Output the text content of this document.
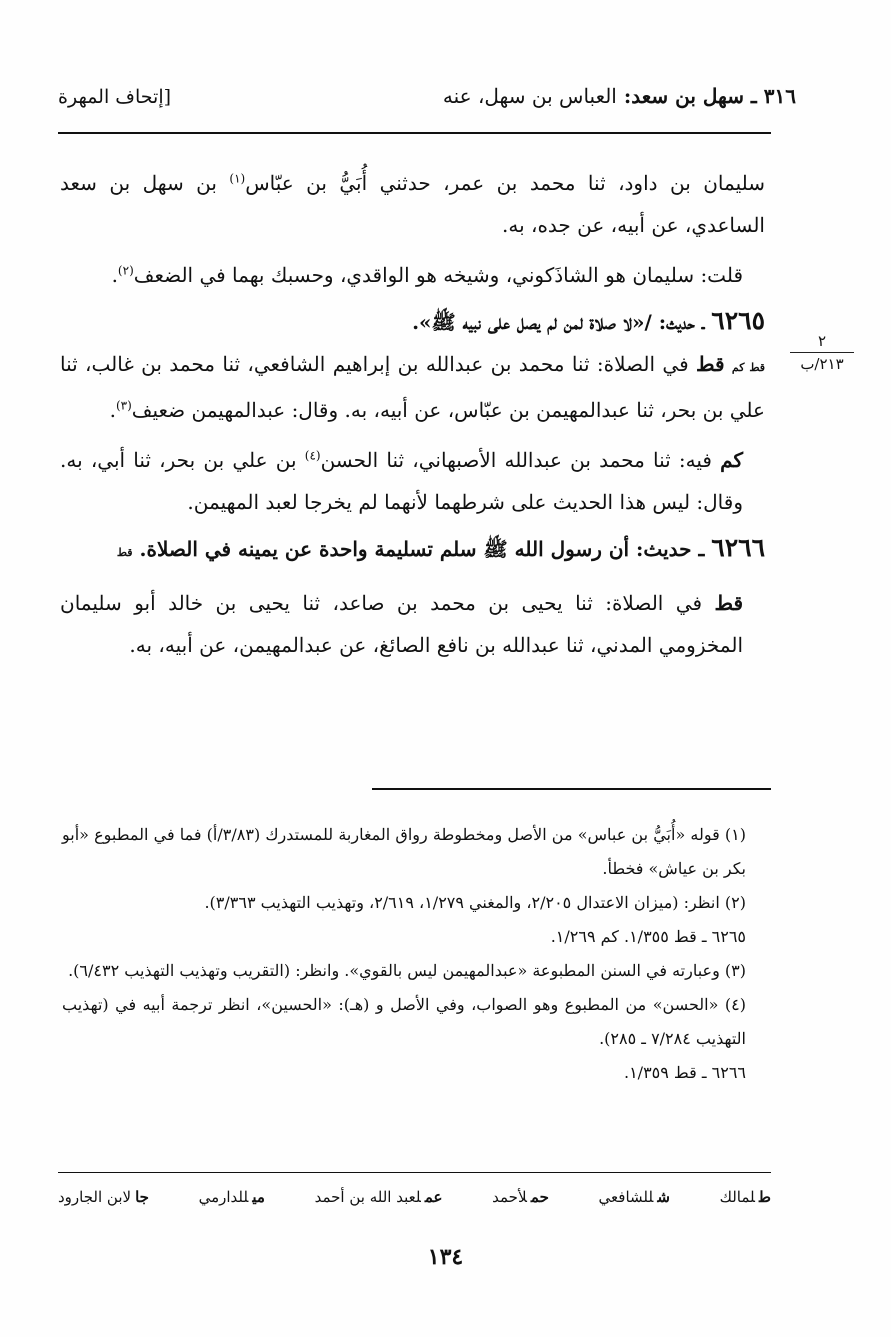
٣١٦ ـ سهل بن سعد: العباس بن سهل، عنه
[إتحاف المهرة
٢
٢١٣/ب

سليمان بن داود، ثنا محمد بن عمر، حدثني أُبَيُّ بن عبّاس$^{(١)}$ بن سهل بن سعد الساعدي، عن أبيه، عن جده، به.

قلت: سليمان هو الشاذَكوني، وشيخه هو الواقدي، وحسبك بهما في الضعف$^{(٢)}$.

٦٢٦٥ ـ حديث: /«لا صلاة لمن لم يصل على نبيه ﷺ».

قط كم قط في الصلاة: ثنا محمد بن عبدالله بن إبراهيم الشافعي، ثنا محمد بن غالب، ثنا علي بن بحر، ثنا عبدالمهيمن بن عبّاس، عن أبيه، به. وقال: عبدالمهيمن ضعيف$^{(٣)}$.

كم فيه: ثنا محمد بن عبدالله الأصبهاني، ثنا الحسن$^{(٤)}$ بن علي بن بحر، ثنا أبي، به. وقال: ليس هذا الحديث على شرطهما لأنهما لم يخرجا لعبد المهيمن.

٦٢٦٦ ـ حديث: أن رسول الله ﷺ سلم تسليمة واحدة عن يمينه في الصلاة. قط

قط في الصلاة: ثنا يحيى بن محمد بن صاعد، ثنا يحيى بن خالد أبو سليمان المخزومي المدني، ثنا عبدالله بن نافع الصائغ، عن عبدالمهيمن، عن أبيه، به.

(١) قوله «أُبَيُّ بن عباس» من الأصل ومخطوطة رواق المغاربة للمستدرك (٣/٨٣/أ) فما في المطبوع «أبو بكر بن عياش» فخطأ.

(٢) انظر: (ميزان الاعتدال ٢/٢٠٥، والمغني ١/٢٧٩، ٢/٦١٩، وتهذيب التهذيب ٣/٣٦٣).

٦٢٦٥ ـ قط ١/٣٥٥. كم ١/٢٦٩.

(٣) وعبارته في السنن المطبوعة «عبدالمهيمن ليس بالقوي». وانظر: (التقريب وتهذيب التهذيب ٦/٤٣٢).

(٤) «الحسن» من المطبوع وهو الصواب، وفي الأصل و (هـ): «الحسين»، انظر ترجمة أبيه في (تهذيب التهذيب ٧/٢٨٤ ـ ٢٨٥).

٦٢٦٦ ـ قط ١/٣٥٩.

طلمالك
شللشافعي
حملأحمد
عملعبد الله بن أحمد
ميللدارمي
جالابن الجارود
١٣٤
